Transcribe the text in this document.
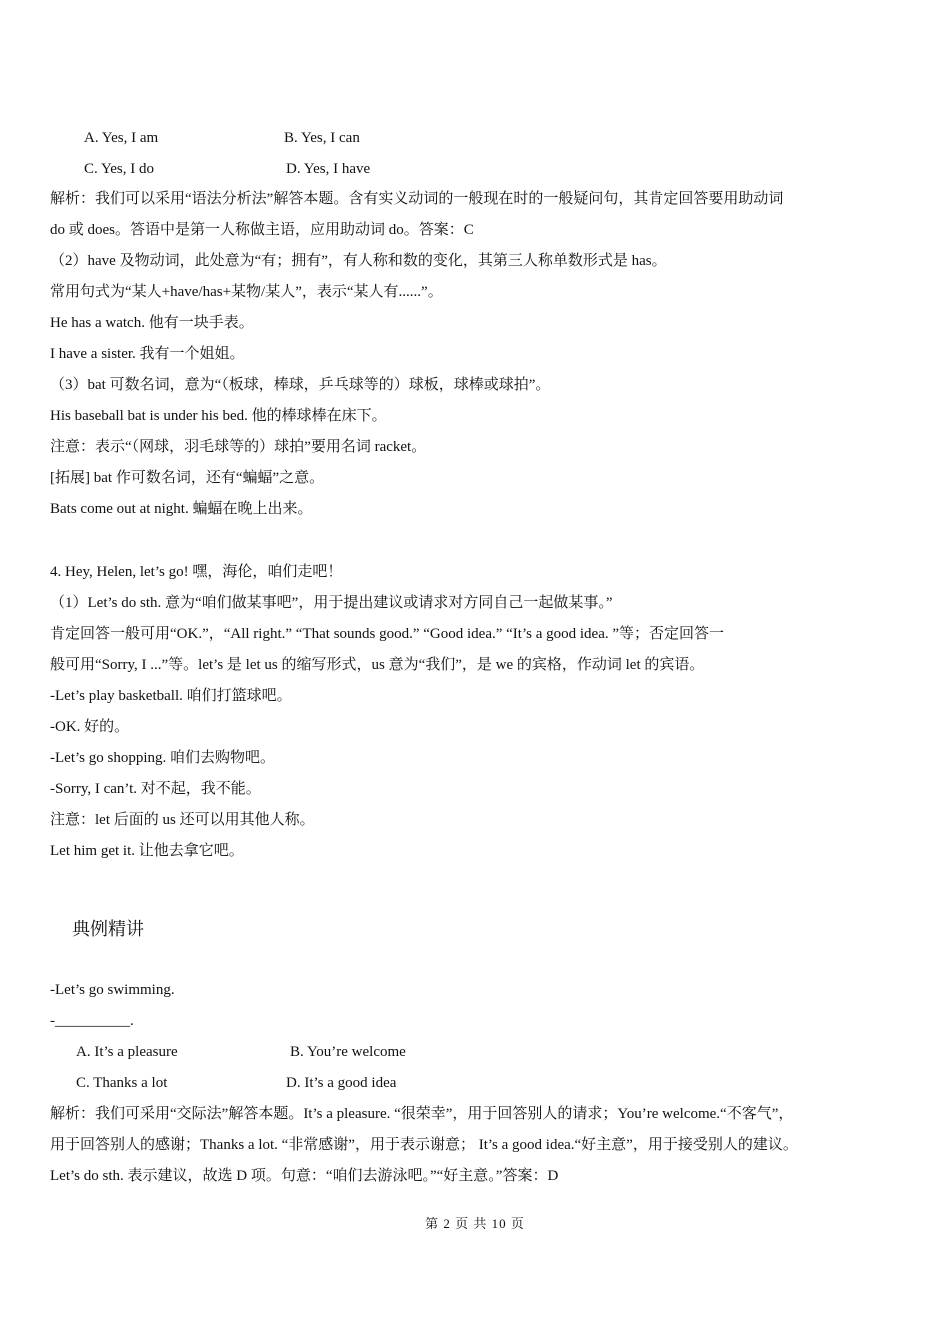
A. Yes, I am	B. Yes, I can
C. Yes, I do	D. Yes, I have
解析：我们可以采用“语法分析法”解答本题。含有实义动词的一般现在时的一般疑问句，其肯定回答要用助动词
do 或 does。答语中是第一人称做主语，应用助动词 do。答案：C
（2）have 及物动词，此处意为“有；拥有”，有人称和数的变化，其第三人称单数形式是 has。
常用句式为“某人+have/has+某物/某人”，表示“某人有......”。
He has a watch. 他有一块手表。
I have a sister. 我有一个姐姐。
（3）bat 可数名词，意为“（板球，棒球，乒乓球等的）球板，球棒或球拍”。
His baseball bat is under his bed. 他的棒球棒在床下。
注意：表示“（网球，羽毛球等的）球拍”要用名词 racket。
[拓展] bat 作可数名词，还有“蝙蝠”之意。
Bats come out at night. 蝙蝠在晚上出来。
4. Hey, Helen, let’s go! 嘿，海伦，咱们走吧！
（1）Let’s do sth. 意为“咱们做某事吧”，用于提出建议或请求对方同自己一起做某事。”
肯定回答一般可用“OK.”，“All right.” “That sounds good.” “Good idea.” “It’s a good idea. ”等；否定回答一
般可用“Sorry, I ...”等。let’s 是 let us 的缩写形式，us 意为“我们”，是 we 的宾格，作动词 let 的宾语。
-Let’s play basketball. 咱们打篮球吧。
-OK. 好的。
-Let’s go shopping. 咱们去购物吧。
-Sorry, I can’t. 对不起，我不能。
注意：let 后面的 us 还可以用其他人称。
Let him get it. 让他去拿它吧。
典例精讲
-Let’s go swimming.
-__________.
A. It’s a pleasure	B. You’re welcome
C. Thanks a lot	D. It’s a good idea
解析：我们可采用“交际法”解答本题。It’s a pleasure. “很荣幸”，用于回答别人的请求；You’re welcome.“不客气”，
用于回答别人的感谢；Thanks a lot. “非常感谢”，用于表示谢意； It’s a good idea.“好主意”，用于接受别人的建议。
Let’s do sth. 表示建议，故选 D 项。句意：“咱们去游泳吧。”“好主意。”答案：D
第 2 页 共 10 页
